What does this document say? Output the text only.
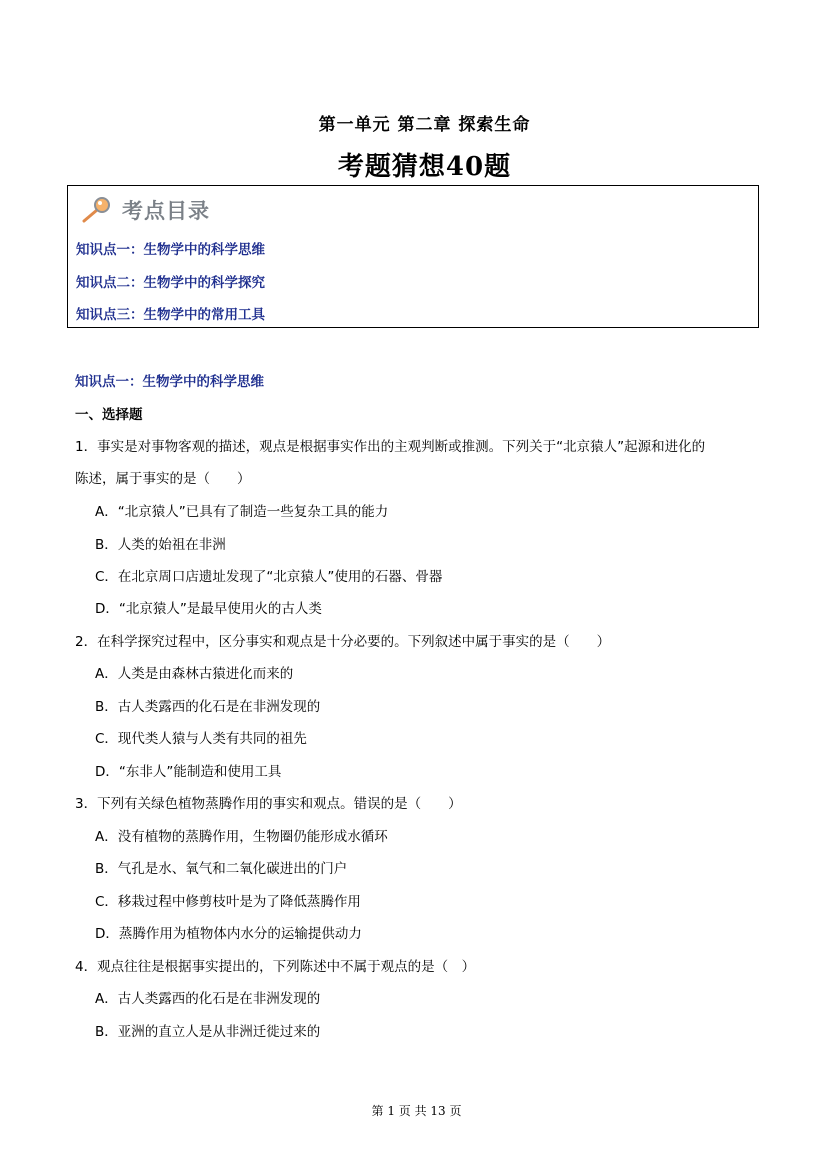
第一单元 第二章 探索生命
考题猜想40题
考点目录
知识点一：生物学中的科学思维
知识点二：生物学中的科学探究
知识点三：生物学中的常用工具
知识点一：生物学中的科学思维
一、选择题
1．事实是对事物客观的描述，观点是根据事实作出的主观判断或推测。下列关于“北京猿人”起源和进化的
陈述，属于事实的是（　　）
A．“北京猿人”已具有了制造一些复杂工具的能力
B．人类的始祖在非洲
C．在北京周口店遗址发现了“北京猿人”使用的石器、骨器
D．“北京猿人”是最早使用火的古人类
2．在科学探究过程中，区分事实和观点是十分必要的。下列叙述中属于事实的是（　　）
A．人类是由森林古猿进化而来的
B．古人类露西的化石是在非洲发现的
C．现代类人猿与人类有共同的祖先
D．“东非人”能制造和使用工具
3．下列有关绿色植物蒸腾作用的事实和观点。错误的是（　　）
A．没有植物的蒸腾作用，生物圈仍能形成水循环
B．气孔是水、氧气和二氧化碳进出的门户
C．移栽过程中修剪枝叶是为了降低蒸腾作用
D．蒸腾作用为植物体内水分的运输提供动力
4．观点往往是根据事实提出的，下列陈述中不属于观点的是（　）
A．古人类露西的化石是在非洲发现的
B．亚洲的直立人是从非洲迁徙过来的
第 1 页 共 13 页
